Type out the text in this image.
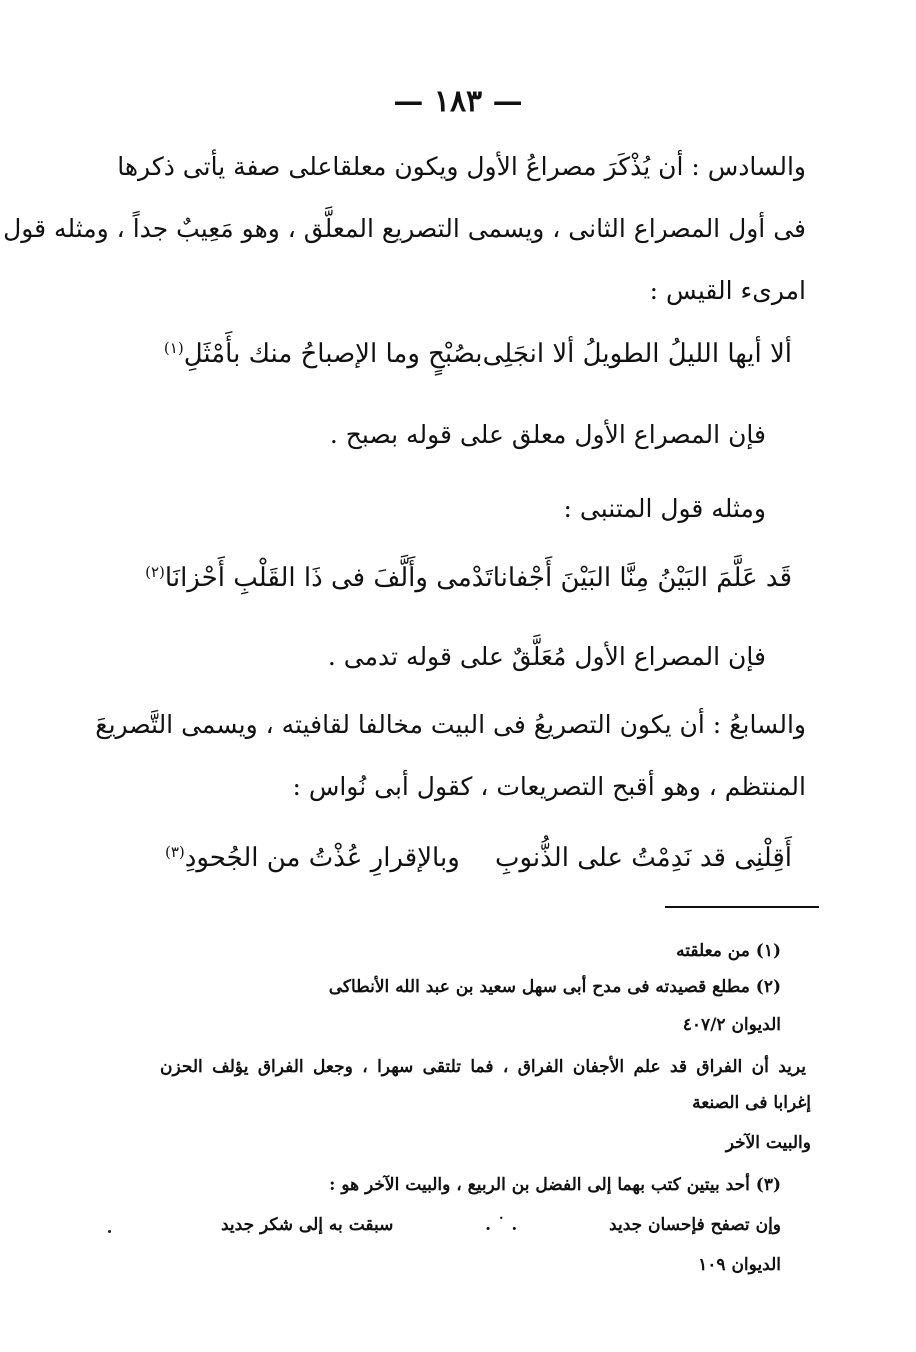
— ١٨٣ —
والسادس : أن يُذْكَرَ مصراعُ الأول ويكون معلقاعلى صفة يأتى ذكرها
فى أول المصراع الثانى ، ويسمى التصريع المعلَّق ، وهو مَعِيبٌ جداً ، ومثله قول
امرىء القيس :
ألا أيها الليلُ الطويلُ ألا انجَلِى
بصُبْحٍ وما الإصباحُ منك بأَمْثَلِ$^{(١)}$
فإن المصراع الأول معلق على قوله بصبح .
ومثله قول المتنبى :
قَد عَلَّمَ البَيْنُ مِنَّا البَيْنَ أَجْفانا
تَدْمى وأَلَّفَ فى ذَا القَلْبِ أَحْزانَا$^{(٢)}$
فإن المصراع الأول مُعَلَّقٌ على قوله تدمى .
والسابعُ : أن يكون التصريعُ فى البيت مخالفا لقافيته ، ويسمى التَّصريعَ
المنتظم ، وهو أقبح التصريعات ، كقول أبى نُواس :
أَقِلْنِى قد نَدِمْتُ على الذُّنوبِ
وبالإقرارِ عُذْتُ من الجُحودِ$^{(٣)}$
(١) من معلقته
(٢) مطلع قصيدته فى مدح أبى سهل سعيد بن عبد الله الأنطاكى
الديوان ٤٠٧/٢
يريد أن الفراق قد علم الأجفان الفراق ، فما تلتقى سهرا ، وجعل الفراق يؤلف الحزن
إغرابا فى الصنعة
والبيت الآخر
(٣) أحد بيتين كتب بهما إلى الفضل بن الربيع ، والبيت الآخر هو :
وإن تصفح فإحسان جديد
. ˙ .
سبقت به إلى شكر جديد
الديوان ١٠٩
